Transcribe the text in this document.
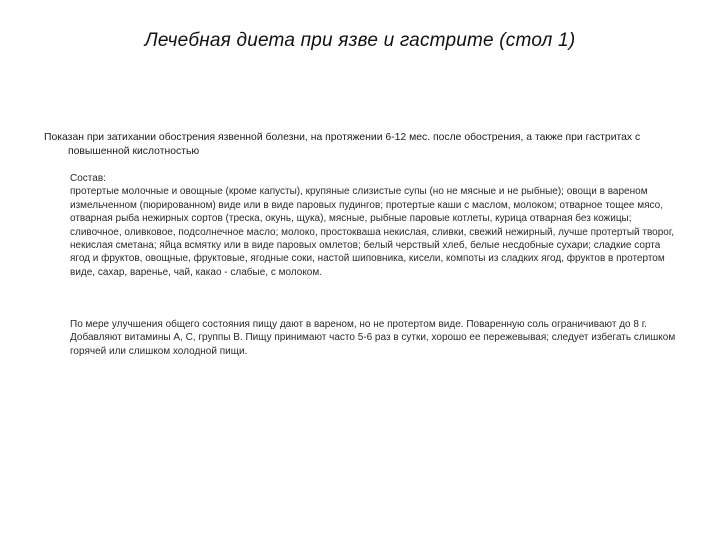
Лечебная диета при язве и гастрите (стол 1)
Показан при затихании обострения язвенной болезни, на протяжении 6-12 мес. после обострения, а также при гастритах с повышенной кислотностью
Состав:
протертые молочные и овощные (кроме капусты), крупяные слизистые супы (но не мясные и не рыбные); овощи в вареном измельченном (пюрированном) виде или в виде паровых пудингов; протертые каши с маслом, молоком; отварное тощее мясо, отварная рыба нежирных сортов (треска, окунь, щука), мясные, рыбные паровые котлеты, курица отварная без кожицы; сливочное, оливковое, подсолнечное масло; молоко, простокваша некислая, сливки, свежий нежирный, лучше протертый творог, некислая сметана; яйца всмятку или в виде паровых омлетов; белый черствый хлеб, белые несдобные сухари; сладкие сорта ягод и фруктов, овощные, фруктовые, ягодные соки, настой шиповника, кисели, компоты из сладких ягод, фруктов в протертом виде, сахар, варенье, чай, какао - слабые, с молоком.
По мере улучшения общего состояния пищу дают в вареном, но не протертом виде. Поваренную соль ограничивают до 8 г. Добавляют витамины А, С, группы В. Пищу принимают часто 5-6 раз в сутки, хорошо ее пережевывая; следует избегать слишком горячей или слишком холодной пищи.
